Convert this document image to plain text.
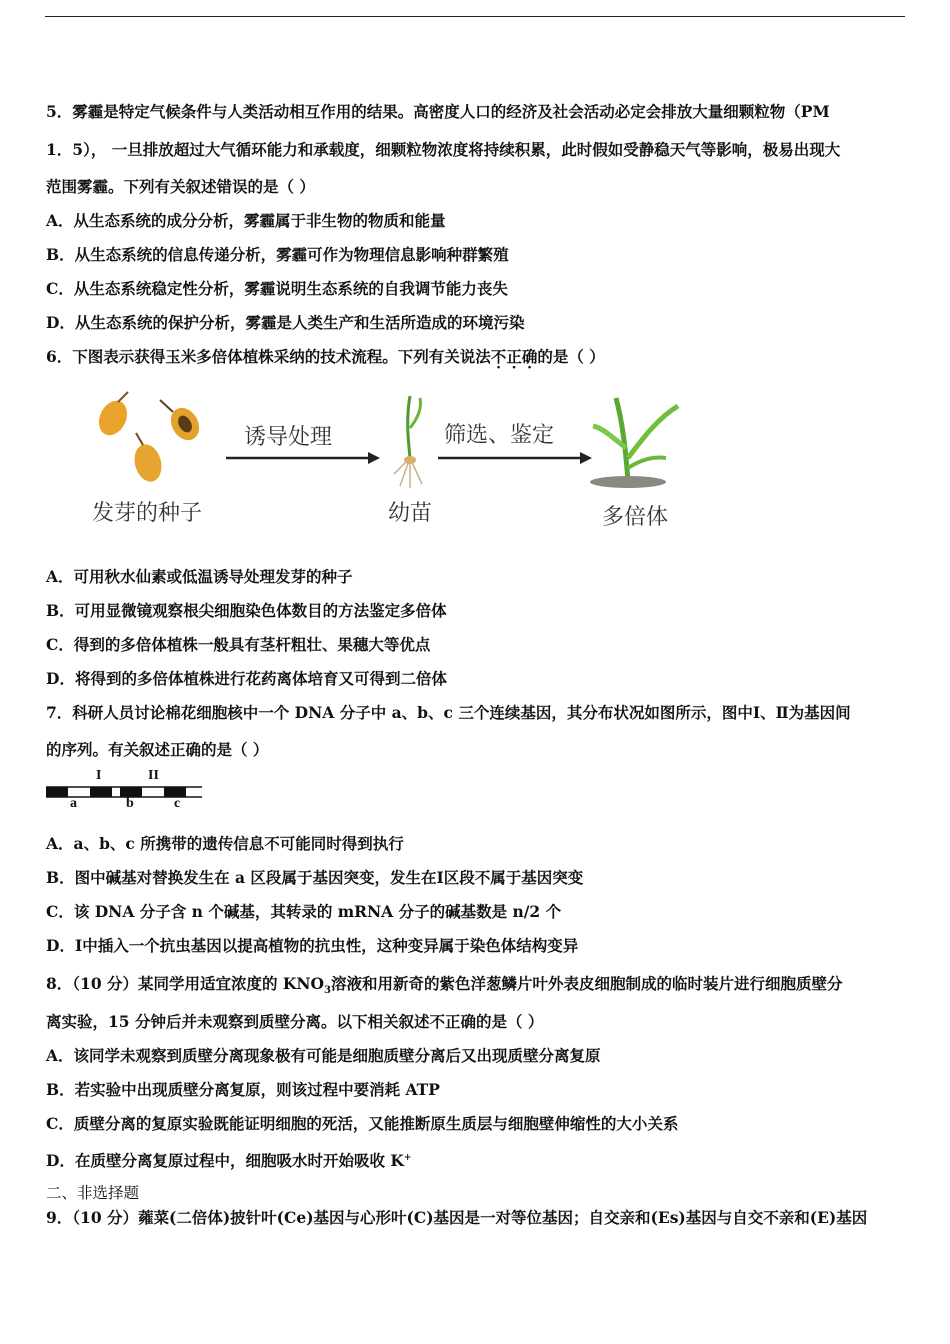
5．雾霾是特定气候条件与人类活动相互作用的结果。高密度人口的经济及社会活动必定会排放大量细颗粒物（PM
1．5）， 一旦排放超过大气循环能力和承载度，细颗粒物浓度将持续积累，此时假如受静稳天气等影响，极易出现大
范围雾霾。下列有关叙述错误的是（ ）
A．从生态系统的成分分析，雾霾属于非生物的物质和能量
B．从生态系统的信息传递分析，雾霾可作为物理信息影响种群繁殖
C．从生态系统稳定性分析，雾霾说明生态系统的自我调节能力丧失
D．从生态系统的保护分析，雾霾是人类生产和生活所造成的环境污染
6．下图表示获得玉米多倍体植株采纳的技术流程。下列有关说法不正确的是（ ）
发芽的种子
诱导处理
幼苗
筛选、鉴定
多倍体
A．可用秋水仙素或低温诱导处理发芽的种子
B．可用显微镜观察根尖细胞染色体数目的方法鉴定多倍体
C．得到的多倍体植株一般具有茎杆粗壮、果穗大等优点
D．将得到的多倍体植株进行花药离体培育又可得到二倍体
7．科研人员讨论棉花细胞核中一个 DNA 分子中 a、b、c 三个连续基因，其分布状况如图所示，图中Ⅰ、Ⅱ为基因间
的序列。有关叙述正确的是（ ）
I	II
a	b	c
A．a、b、c 所携带的遗传信息不可能同时得到执行
B．图中碱基对替换发生在 a 区段属于基因突变，发生在Ⅰ区段不属于基因突变
C．该 DNA 分子含 n 个碱基，其转录的 mRNA 分子的碱基数是 n/2 个
D．Ⅰ中插入一个抗虫基因以提高植物的抗虫性，这种变异属于染色体结构变异
8．（10 分）某同学用适宜浓度的 $KNO_3$溶液和用新奇的紫色洋葱鳞片叶外表皮细胞制成的临时装片进行细胞质壁分
离实验，15 分钟后并未观察到质壁分离。以下相关叙述不正确的是（ ）
A．该同学未观察到质壁分离现象极有可能是细胞质壁分离后又出现质壁分离复原
B．若实验中出现质壁分离复原，则该过程中要消耗 ATP
C．质壁分离的复原实验既能证明细胞的死活，又能推断原生质层与细胞壁伸缩性的大小关系
D．在质壁分离复原过程中，细胞吸水时开始吸收 K+
二、非选择题
9．（10 分）蕹菜(二倍体)披针叶(Ce)基因与心形叶(C)基因是一对等位基因；自交亲和(Es)基因与自交不亲和(E)基因
